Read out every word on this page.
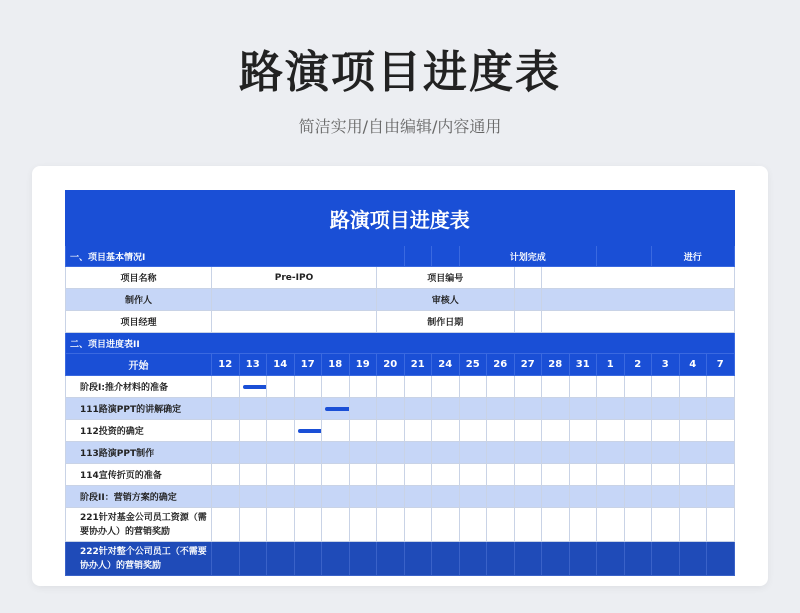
路演项目进度表
简洁实用/自由编辑/内容通用
路演项目进度表																			
一、项目基本情况I										计划完成							进行		
项目名称	Pre-IPO						项目编号												
制作人							审核人												
项目经理							制作日期												
二、项目进度表II																			
开始	12	13	14	17	18	19	20	21	24	25	26	27	28	31	1	2	3	4	7
阶段I:推介材料的准备		

111路演PPT的讲解确定					

112投资的确定				

113路演PPT制作																			
114宣传折页的准备																			
阶段II：营销方案的确定																			
221针对基金公司员工资源（需要协办人）的营销奖励																			
222针对整个公司员工（不需要协办人）的营销奖励																			
